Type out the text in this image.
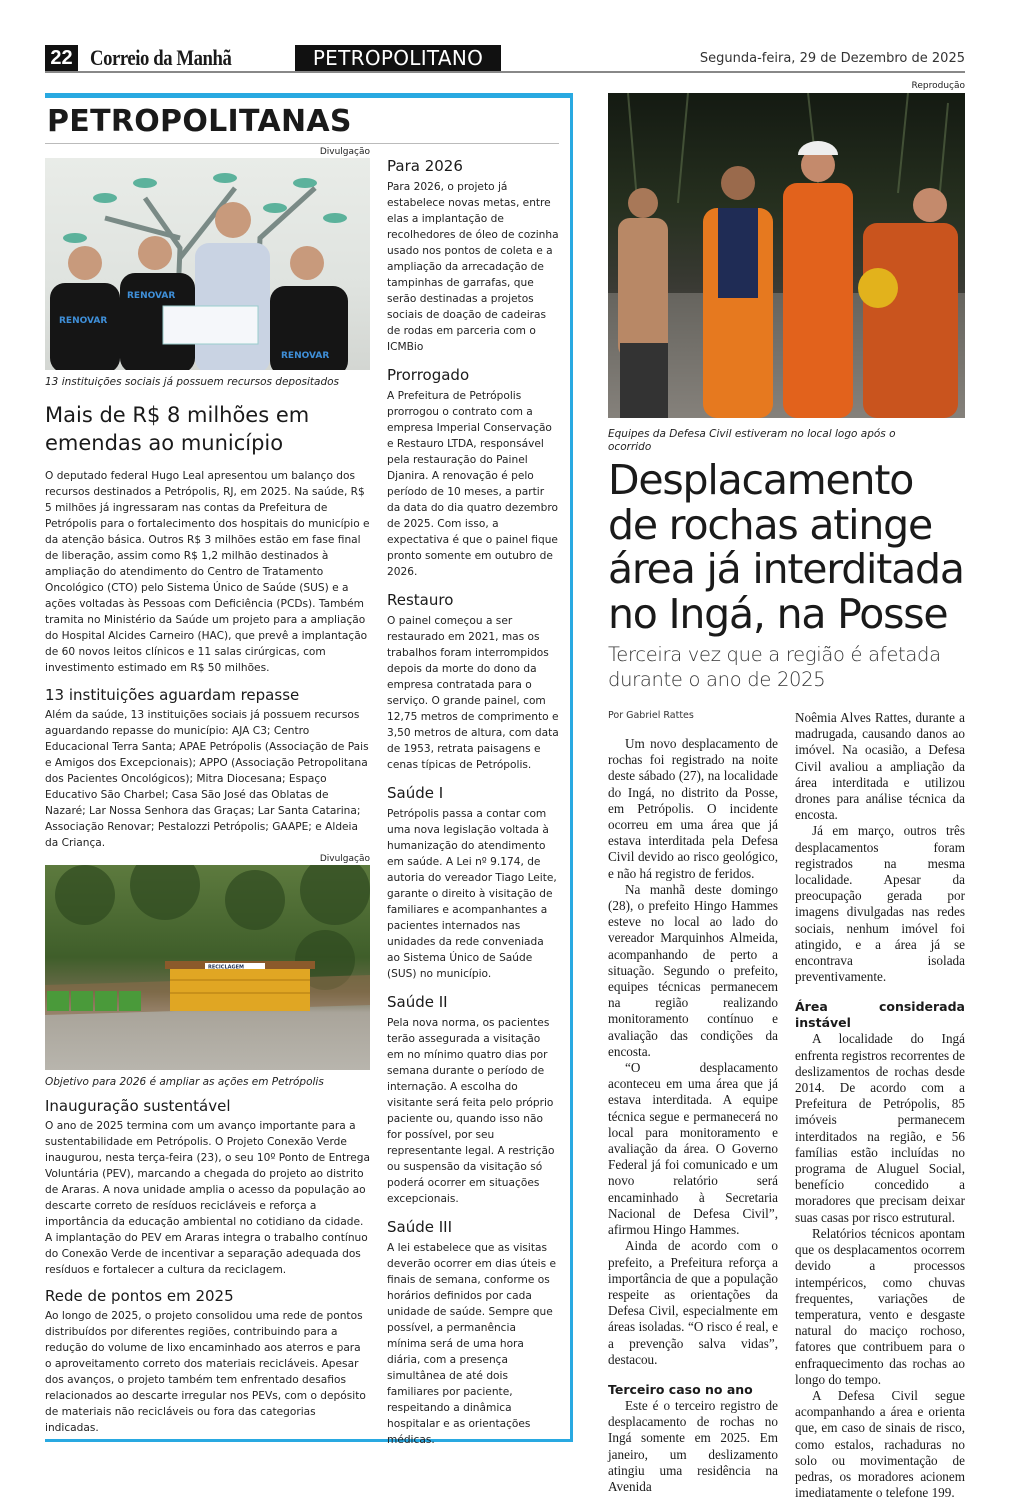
22 Correio da Manhã	PETROPOLITANO	Segunda-feira, 29 de Dezembro de 2025
PETROPOLITANAS
Divulgação
RENOVAR
RENOVAR
RENOVAR
13 instituições sociais já possuem recursos depositados
Mais de R$ 8 milhões em emendas ao município
O deputado federal Hugo Leal apresentou um balanço dos recursos destinados a Petrópolis, RJ, em 2025. Na saúde, R$ 5 milhões já ingressaram nas contas da Prefeitura de Petrópolis para o fortalecimento dos hospitais do município e da atenção básica. Outros R$ 3 milhões estão em fase final de liberação, assim como R$ 1,2 milhão destinados à ampliação do atendimento do Centro de Tratamento Oncológico (CTO) pelo Sistema Único de Saúde (SUS) e a ações voltadas às Pessoas com Deficiência (PCDs). Também tramita no Ministério da Saúde um projeto para a ampliação do Hospital Alcides Carneiro (HAC), que prevê a implantação de 60 novos leitos clínicos e 11 salas cirúrgicas, com investimento estimado em R$ 50 milhões.
13 instituições aguardam repasse
Além da saúde, 13 instituições sociais já possuem recursos aguardando repasse do município: AJA C3; Centro Educacional Terra Santa; APAE Petrópolis (Associação de Pais e Amigos dos Excepcionais); APPO (Associação Petropolitana dos Pacientes Oncológicos); Mitra Diocesana; Espaço Educativo São Charbel; Casa São José das Oblatas de Nazaré; Lar Nossa Senhora das Graças; Lar Santa Catarina; Associação Renovar; Pestalozzi Petrópolis; GAAPE; e Aldeia da Criança.
Divulgação
RECICLAGEM
Objetivo para 2026 é ampliar as ações em Petrópolis
Inauguração sustentável
O ano de 2025 termina com um avanço importante para a sustentabilidade em Petrópolis. O Projeto Conexão Verde inaugurou, nesta terça-feira (23), o seu 10º Ponto de Entrega Voluntária (PEV), marcando a chegada do projeto ao distrito de Araras. A nova unidade amplia o acesso da população ao descarte correto de resíduos recicláveis e reforça a importância da educação ambiental no cotidiano da cidade. A implantação do PEV em Araras integra o trabalho contínuo do Conexão Verde de incentivar a separação adequada dos resíduos e fortalecer a cultura da reciclagem.
Rede de pontos em 2025
Ao longo de 2025, o projeto consolidou uma rede de pontos distribuídos por diferentes regiões, contribuindo para a redução do volume de lixo encaminhado aos aterros e para o aproveitamento correto dos materiais recicláveis. Apesar dos avanços, o projeto também tem enfrentado desafios relacionados ao descarte irregular nos PEVs, com o depósito de materiais não recicláveis ou fora das categorias indicadas.
Para 2026
Para 2026, o projeto já estabelece novas metas, entre elas a implantação de recolhedores de óleo de cozinha usado nos pontos de coleta e a ampliação da arrecadação de tampinhas de garrafas, que serão destinadas a projetos sociais de doação de cadeiras de rodas em parceria com o ICMBio
Prorrogado
A Prefeitura de Petrópolis prorrogou o contrato com a empresa Imperial Conservação e Restauro LTDA, responsável pela restauração do Painel Djanira. A renovação é pelo período de 10 meses, a partir da data do dia quatro dezembro de 2025. Com isso, a expectativa é que o painel fique pronto somente em outubro de 2026.
Restauro
O painel começou a ser restaurado em 2021, mas os trabalhos foram interrompidos depois da morte do dono da empresa contratada para o serviço. O grande painel, com 12,75 metros de comprimento e 3,50 metros de altura, com data de 1953, retrata paisagens e cenas típicas de Petrópolis.
Saúde I
Petrópolis passa a contar com uma nova legislação voltada à humanização do atendimento em saúde. A Lei nº 9.174, de autoria do vereador Tiago Leite, garante o direito à visitação de familiares e acompanhantes a pacientes internados nas unidades da rede conveniada ao Sistema Único de Saúde (SUS) no município.
Saúde II
Pela nova norma, os pacientes terão assegurada a visitação em no mínimo quatro dias por semana durante o período de internação. A escolha do visitante será feita pelo próprio paciente ou, quando isso não for possível, por seu representante legal. A restrição ou suspensão da visitação só poderá ocorrer em situações excepcionais.
Saúde III
A lei estabelece que as visitas deverão ocorrer em dias úteis e finais de semana, conforme os horários definidos por cada unidade de saúde. Sempre que possível, a permanência mínima será de uma hora diária, com a presença simultânea de até dois familiares por paciente, respeitando a dinâmica hospitalar e as orientações médicas.
Reprodução
Equipes da Defesa Civil estiveram no local logo após o ocorrido
Desplacamento de rochas atinge área já interditada no Ingá, na Posse
Terceira vez que a região é afetada durante o ano de 2025
Por Gabriel Rattes

Um novo desplacamento de rochas foi registrado na noite deste sábado (27), na localidade do Ingá, no distrito da Posse, em Petrópolis. O incidente ocorreu em uma área que já estava interditada pela Defesa Civil devido ao risco geológico, e não há registro de feridos.

Na manhã deste domingo (28), o prefeito Hingo Hammes esteve no local ao lado do vereador Marquinhos Almeida, acompanhando de perto a situação. Segundo o prefeito, equipes técnicas permanecem na região realizando monitoramento contínuo e avaliação das condições da encosta.

“O desplacamento aconteceu em uma área que já estava interditada. A equipe técnica segue e permanecerá no local para monitoramento e avaliação da área. O Governo Federal já foi comunicado e um novo relatório será encaminhado à Secretaria Nacional de Defesa Civil”, afirmou Hingo Hammes.

Ainda de acordo com o prefeito, a Prefeitura reforça a importância de que a população respeite as orientações da Defesa Civil, especialmente em áreas isoladas. “O risco é real, e a prevenção salva vidas”, destacou.

Terceiro caso no ano

Este é o terceiro registro de desplacamento de rochas no Ingá somente em 2025. Em janeiro, um deslizamento atingiu uma residência na Avenida

Noêmia Alves Rattes, durante a madrugada, causando danos ao imóvel. Na ocasião, a Defesa Civil avaliou a ampliação da área interditada e utilizou drones para análise técnica da encosta.

Já em março, outros três desplacamentos foram registrados na mesma localidade. Apesar da preocupação gerada por imagens divulgadas nas redes sociais, nenhum imóvel foi atingido, e a área já se encontrava isolada preventivamente.

Área considerada instável

A localidade do Ingá enfrenta registros recorrentes de deslizamentos de rochas desde 2014. De acordo com a Prefeitura de Petrópolis, 85 imóveis permanecem interditados na região, e 56 famílias estão incluídas no programa de Aluguel Social, benefício concedido a moradores que precisam deixar suas casas por risco estrutural.

Relatórios técnicos apontam que os desplacamentos ocorrem devido a processos intempéricos, como chuvas frequentes, variações de temperatura, vento e desgaste natural do maciço rochoso, fatores que contribuem para o enfraquecimento das rochas ao longo do tempo.

A Defesa Civil segue acompanhando a área e orienta que, em caso de sinais de risco, como estalos, rachaduras no solo ou movimentação de pedras, os moradores acionem imediatamente o telefone 199.
